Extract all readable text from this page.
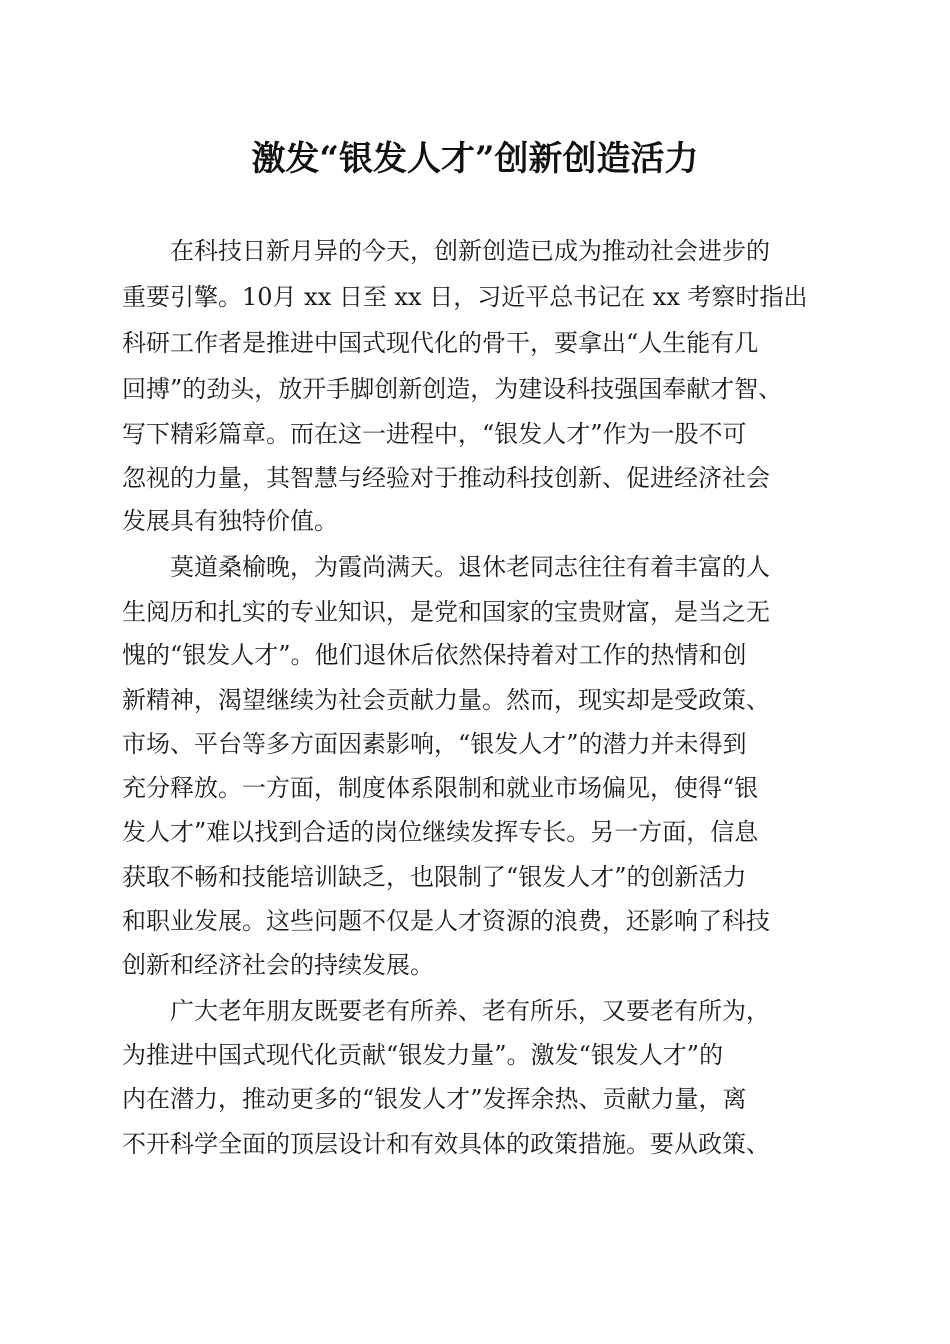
激发“银发人才”创新创造活力
在科技日新月异的今天，创新创造已成为推动社会进步的
重要引擎。10月 xx 日至 xx 日，习近平总书记在 xx 考察时指出
科研工作者是推进中国式现代化的骨干，要拿出“人生能有几
回搏”的劲头，放开手脚创新创造，为建设科技强国奉献才智、
写下精彩篇章。而在这一进程中，“银发人才”作为一股不可
忽视的力量，其智慧与经验对于推动科技创新、促进经济社会
发展具有独特价值。
莫道桑榆晚，为霞尚满天。退休老同志往往有着丰富的人
生阅历和扎实的专业知识，是党和国家的宝贵财富，是当之无
愧的“银发人才”。他们退休后依然保持着对工作的热情和创
新精神，渴望继续为社会贡献力量。然而，现实却是受政策、
市场、平台等多方面因素影响，“银发人才”的潜力并未得到
充分释放。一方面，制度体系限制和就业市场偏见，使得“银
发人才”难以找到合适的岗位继续发挥专长。另一方面，信息
获取不畅和技能培训缺乏，也限制了“银发人才”的创新活力
和职业发展。这些问题不仅是人才资源的浪费，还影响了科技
创新和经济社会的持续发展。
广大老年朋友既要老有所养、老有所乐，又要老有所为，
为推进中国式现代化贡献“银发力量”。激发“银发人才”的
内在潜力，推动更多的“银发人才”发挥余热、贡献力量，离
不开科学全面的顶层设计和有效具体的政策措施。要从政策、
